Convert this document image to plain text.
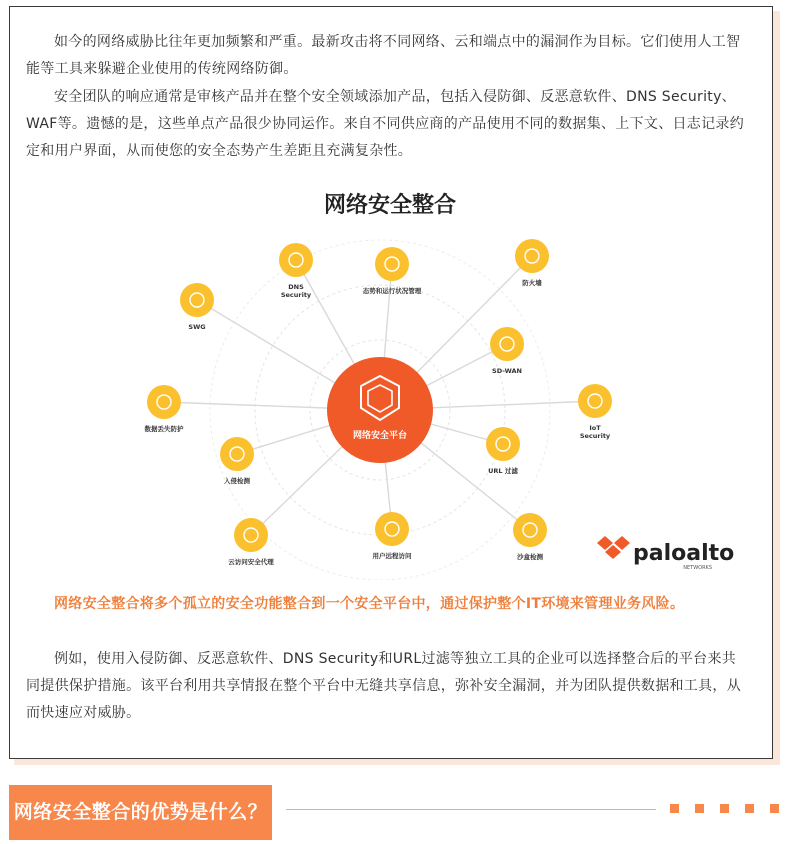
如今的网络威胁比往年更加频繁和严重。最新攻击将不同网络、云和端点中的漏洞作为目标。它们使用人工智能等工具来躲避企业使用的传统网络防御。

安全团队的响应通常是审核产品并在整个安全领域添加产品，包括入侵防御、反恶意软件、DNS Security、WAF等。遗憾的是，这些单点产品很少协同运作。来自不同供应商的产品使用不同的数据集、上下文、日志记录约定和用户界面，从而使您的安全态势产生差距且充满复杂性。

网络安全整合
DNS
Security	态势和运行状况管理
防火墙
SWG
SD-WAN
数据丢失防护	IoT
Security
入侵检测
URL 过滤
云访问安全代理
用户远程访问	沙盒检测
网络安全平台
paloalto
NETWORKS

网络安全整合将多个孤立的安全功能整合到一个安全平台中，通过保护整个IT环境来管理业务风险。

例如，使用入侵防御、反恶意软件、DNS Security和URL过滤等独立工具的企业可以选择整合后的平台来共同提供保护措施。该平台利用共享情报在整个平台中无缝共享信息，弥补安全漏洞，并为团队提供数据和工具，从而快速应对威胁。

网络安全整合的优势是什么？
